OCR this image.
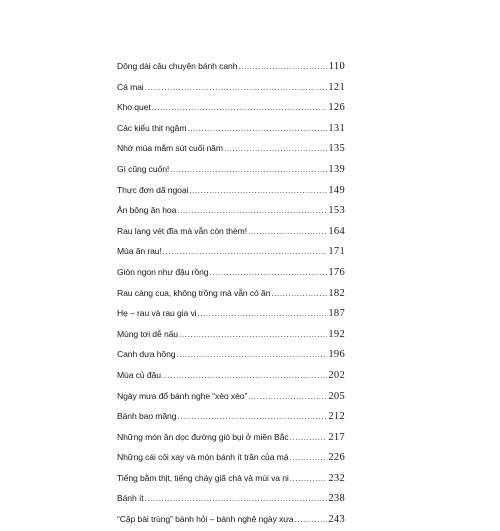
Dông dài câu chuyện bánh canh .....	110
Cá mai .....	121
Kho quẹt .....	126
Các kiểu thịt ngâm .....	131
Nhớ mùa mắm sút cuối năm .....	135
Gì cũng cuốn! .....	139
Thực đơn dã ngoại .....	149
Ăn bông ăn hoa .....	153
Rau lang vét đĩa mà vẫn còn thèm! .....	164
Mùa ăn rau! .....	171
Giòn ngon như đậu rồng .....	176
Rau càng cua, không trồng mà vẫn có ăn .....	182
Hẹ – rau và rau gia vị .....	187
Mùng tơi dễ nấu .....	192
Canh dưa hồng .....	196
Mùa củ đậu .....	202
Ngày mưa đổ bánh nghe “xèo xèo” .....	205
Bánh bao măng .....	212
Những món ăn dọc đường gió bụi ở miền Bắc .....	217
Những cái cối xay và món bánh ít trần của má .....	226
Tiếng bằm thịt, tiếng cháy giã chả và mùi va ni .....	232
Bánh ít .....	238
“Cặp bài trùng” bánh hỏi – bánh nghệ ngày xưa .....	243
